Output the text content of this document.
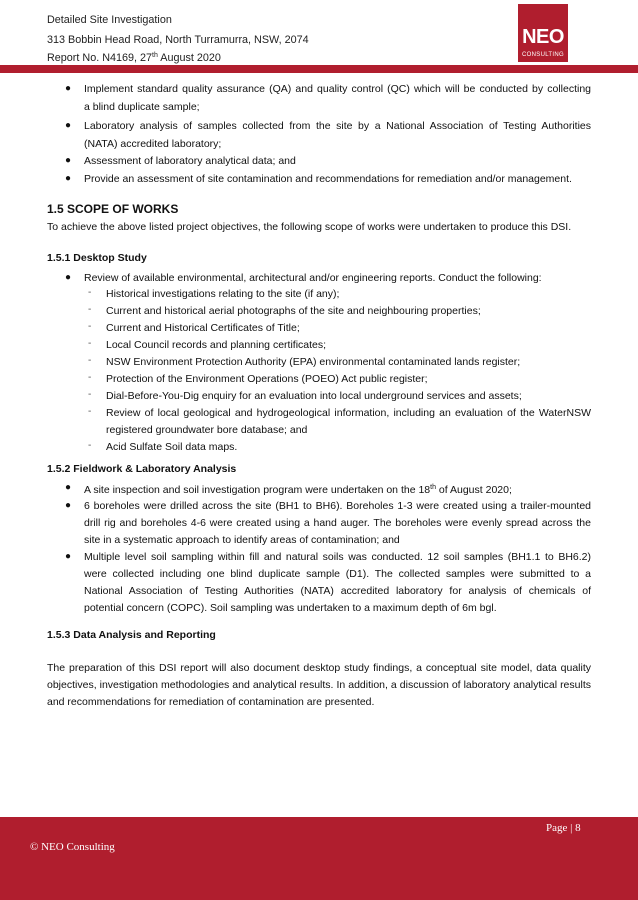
Detailed Site Investigation
313 Bobbin Head Road, North Turramurra, NSW, 2074
Report No. N4169, 27th August 2020
NEO
CONSULTING
● Implement standard quality assurance (QA) and quality control (QC) which will be conducted by collecting
a blind duplicate sample;
● Laboratory analysis of samples collected from the site by a National Association of Testing Authorities
(NATA) accredited laboratory;
● Assessment of laboratory analytical data; and
● Provide an assessment of site contamination and recommendations for remediation and/or management.
1.5 SCOPE OF WORKS
To achieve the above listed project objectives, the following scope of works were undertaken to produce this DSI.
1.5.1 Desktop Study
● Review of available environmental, architectural and/or engineering reports. Conduct the following:
- Historical investigations relating to the site (if any);
- Current and historical aerial photographs of the site and neighbouring properties;
- Current and Historical Certificates of Title;
- Local Council records and planning certificates;
- NSW Environment Protection Authority (EPA) environmental contaminated lands register;
- Protection of the Environment Operations (POEO) Act public register;
- Dial-Before-You-Dig enquiry for an evaluation into local underground services and assets;
- Review of local geological and hydrogeological information, including an evaluation of the WaterNSW
registered groundwater bore database; and
- Acid Sulfate Soil data maps.
1.5.2 Fieldwork & Laboratory Analysis
● A site inspection and soil investigation program were undertaken on the 18th of August 2020;
● 6 boreholes were drilled across the site (BH1 to BH6). Boreholes 1-3 were created using a trailer-mounted
drill rig and boreholes 4-6 were created using a hand auger. The boreholes were evenly spread across the
site in a systematic approach to identify areas of contamination; and
● Multiple level soil sampling within fill and natural soils was conducted. 12 soil samples (BH1.1 to BH6.2)
were collected including one blind duplicate sample (D1). The collected samples were submitted to a
National Association of Testing Authorities (NATA) accredited laboratory for analysis of chemicals of
potential concern (COPC). Soil sampling was undertaken to a maximum depth of 6m bgl.
1.5.3 Data Analysis and Reporting
The preparation of this DSI report will also document desktop study findings, a conceptual site model, data quality
objectives, investigation methodologies and analytical results. In addition, a discussion of laboratory analytical results
and recommendations for remediation of contamination are presented.
Page | 8
© NEO Consulting
